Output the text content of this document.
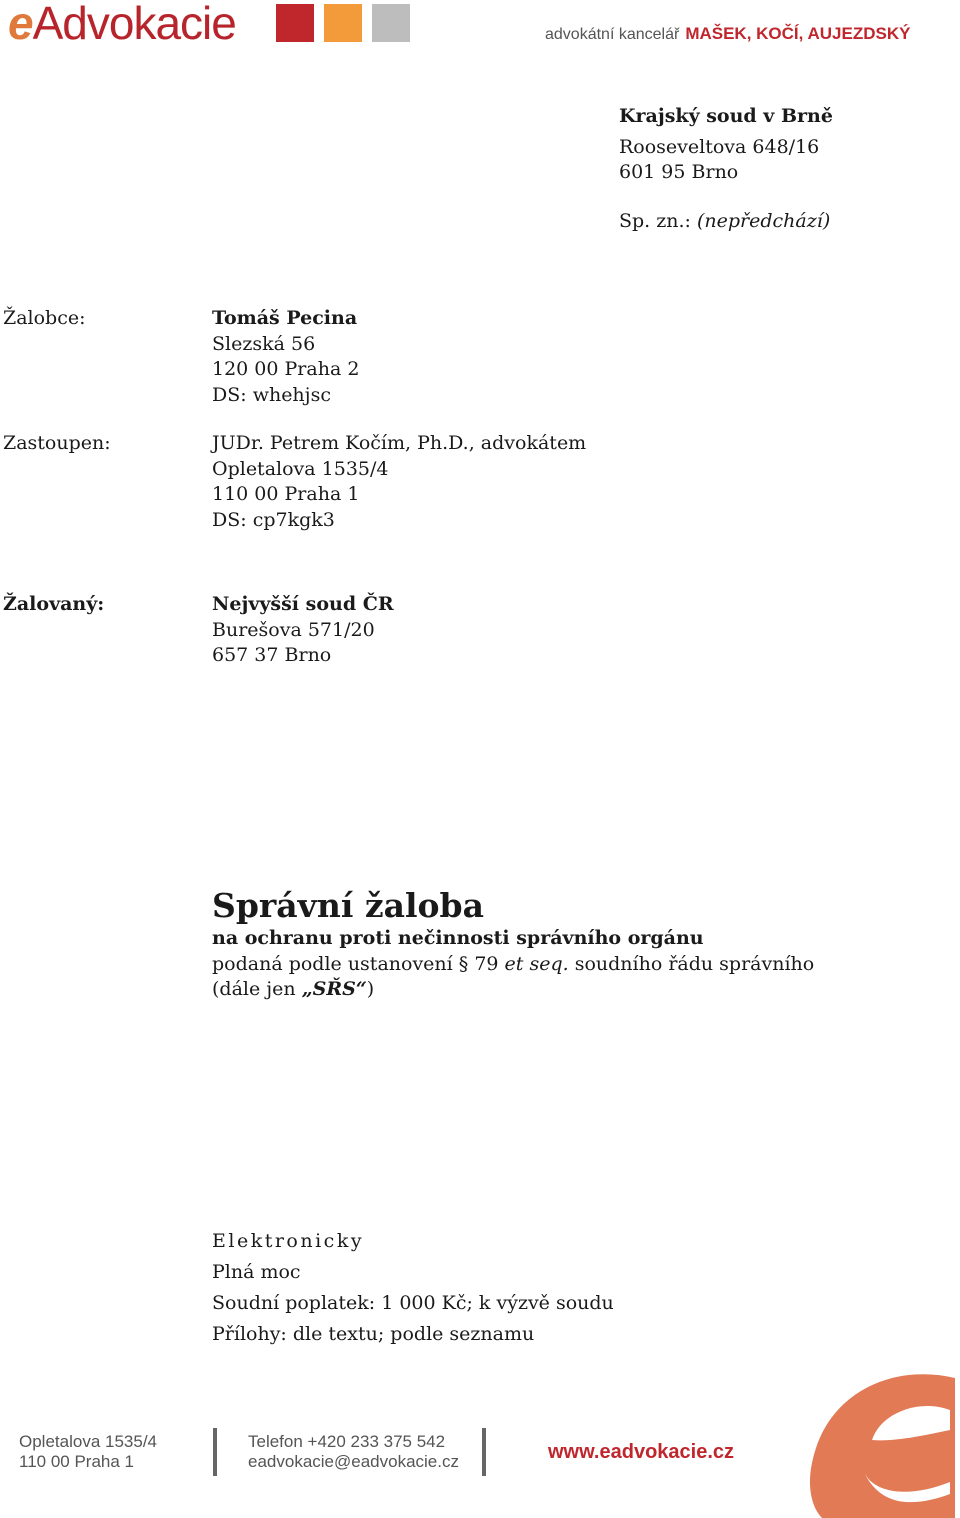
eAdvokacie	advokátní kancelář MAŠEK, KOČÍ, AUJEZDSKÝ
Krajský soud v Brně
Rooseveltova 648/16
601 95 Brno
Sp. zn.: (nepředchází)
Žalobce:	Tomáš Pecina
Slezská 56
120 00 Praha 2
DS: whehjsc
Zastoupen:	JUDr. Petrem Kočím, Ph.D., advokátem
Opletalova 1535/4
110 00 Praha 1
DS: cp7kgk3
Žalovaný:	Nejvyšší soud ČR
Burešova 571/20
657 37 Brno
Správní žaloba
na ochranu proti nečinnosti správního orgánu
podaná podle ustanovení § 79 et seq. soudního řádu správního
(dále jen „SŘS“)
Elektronicky
Plná moc
Soudní poplatek: 1 000 Kč; k výzvě soudu
Přílohy: dle textu; podle seznamu
Opletalova 1535/4
110 00 Praha 1
Telefon +420 233 375 542
eadvokacie@eadvokacie.cz	www.eadvokacie.cz
